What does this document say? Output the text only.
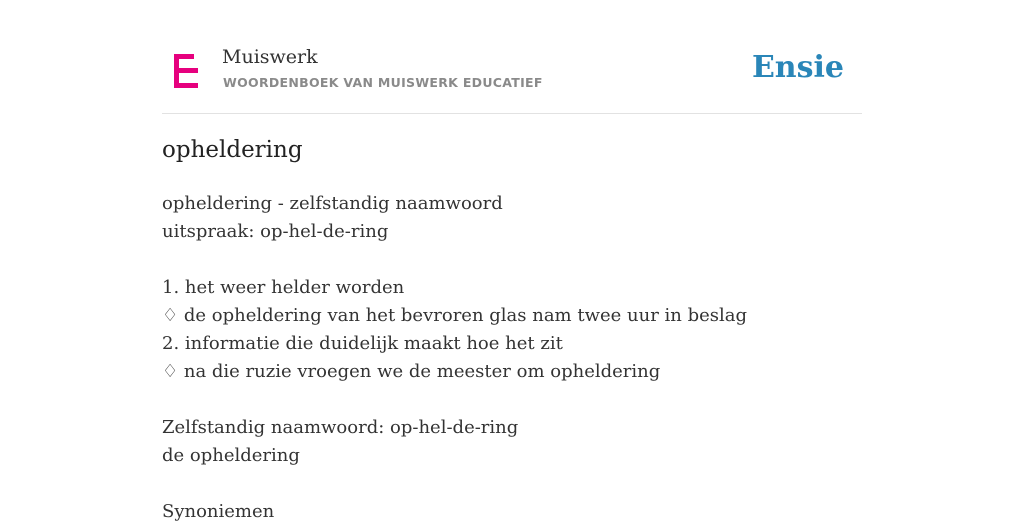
Muiswerk
WOORDENBOEK VAN MUISWERK EDUCATIEF	Ensie
opheldering
opheldering - zelfstandig naamwoord
uitspraak: op-hel-de-ring
1. het weer helder worden
♢ de opheldering van het bevroren glas nam twee uur in beslag
2. informatie die duidelijk maakt hoe het zit
♢ na die ruzie vroegen we de meester om opheldering
Zelfstandig naamwoord: op-hel-de-ring
de opheldering
Synoniemen
